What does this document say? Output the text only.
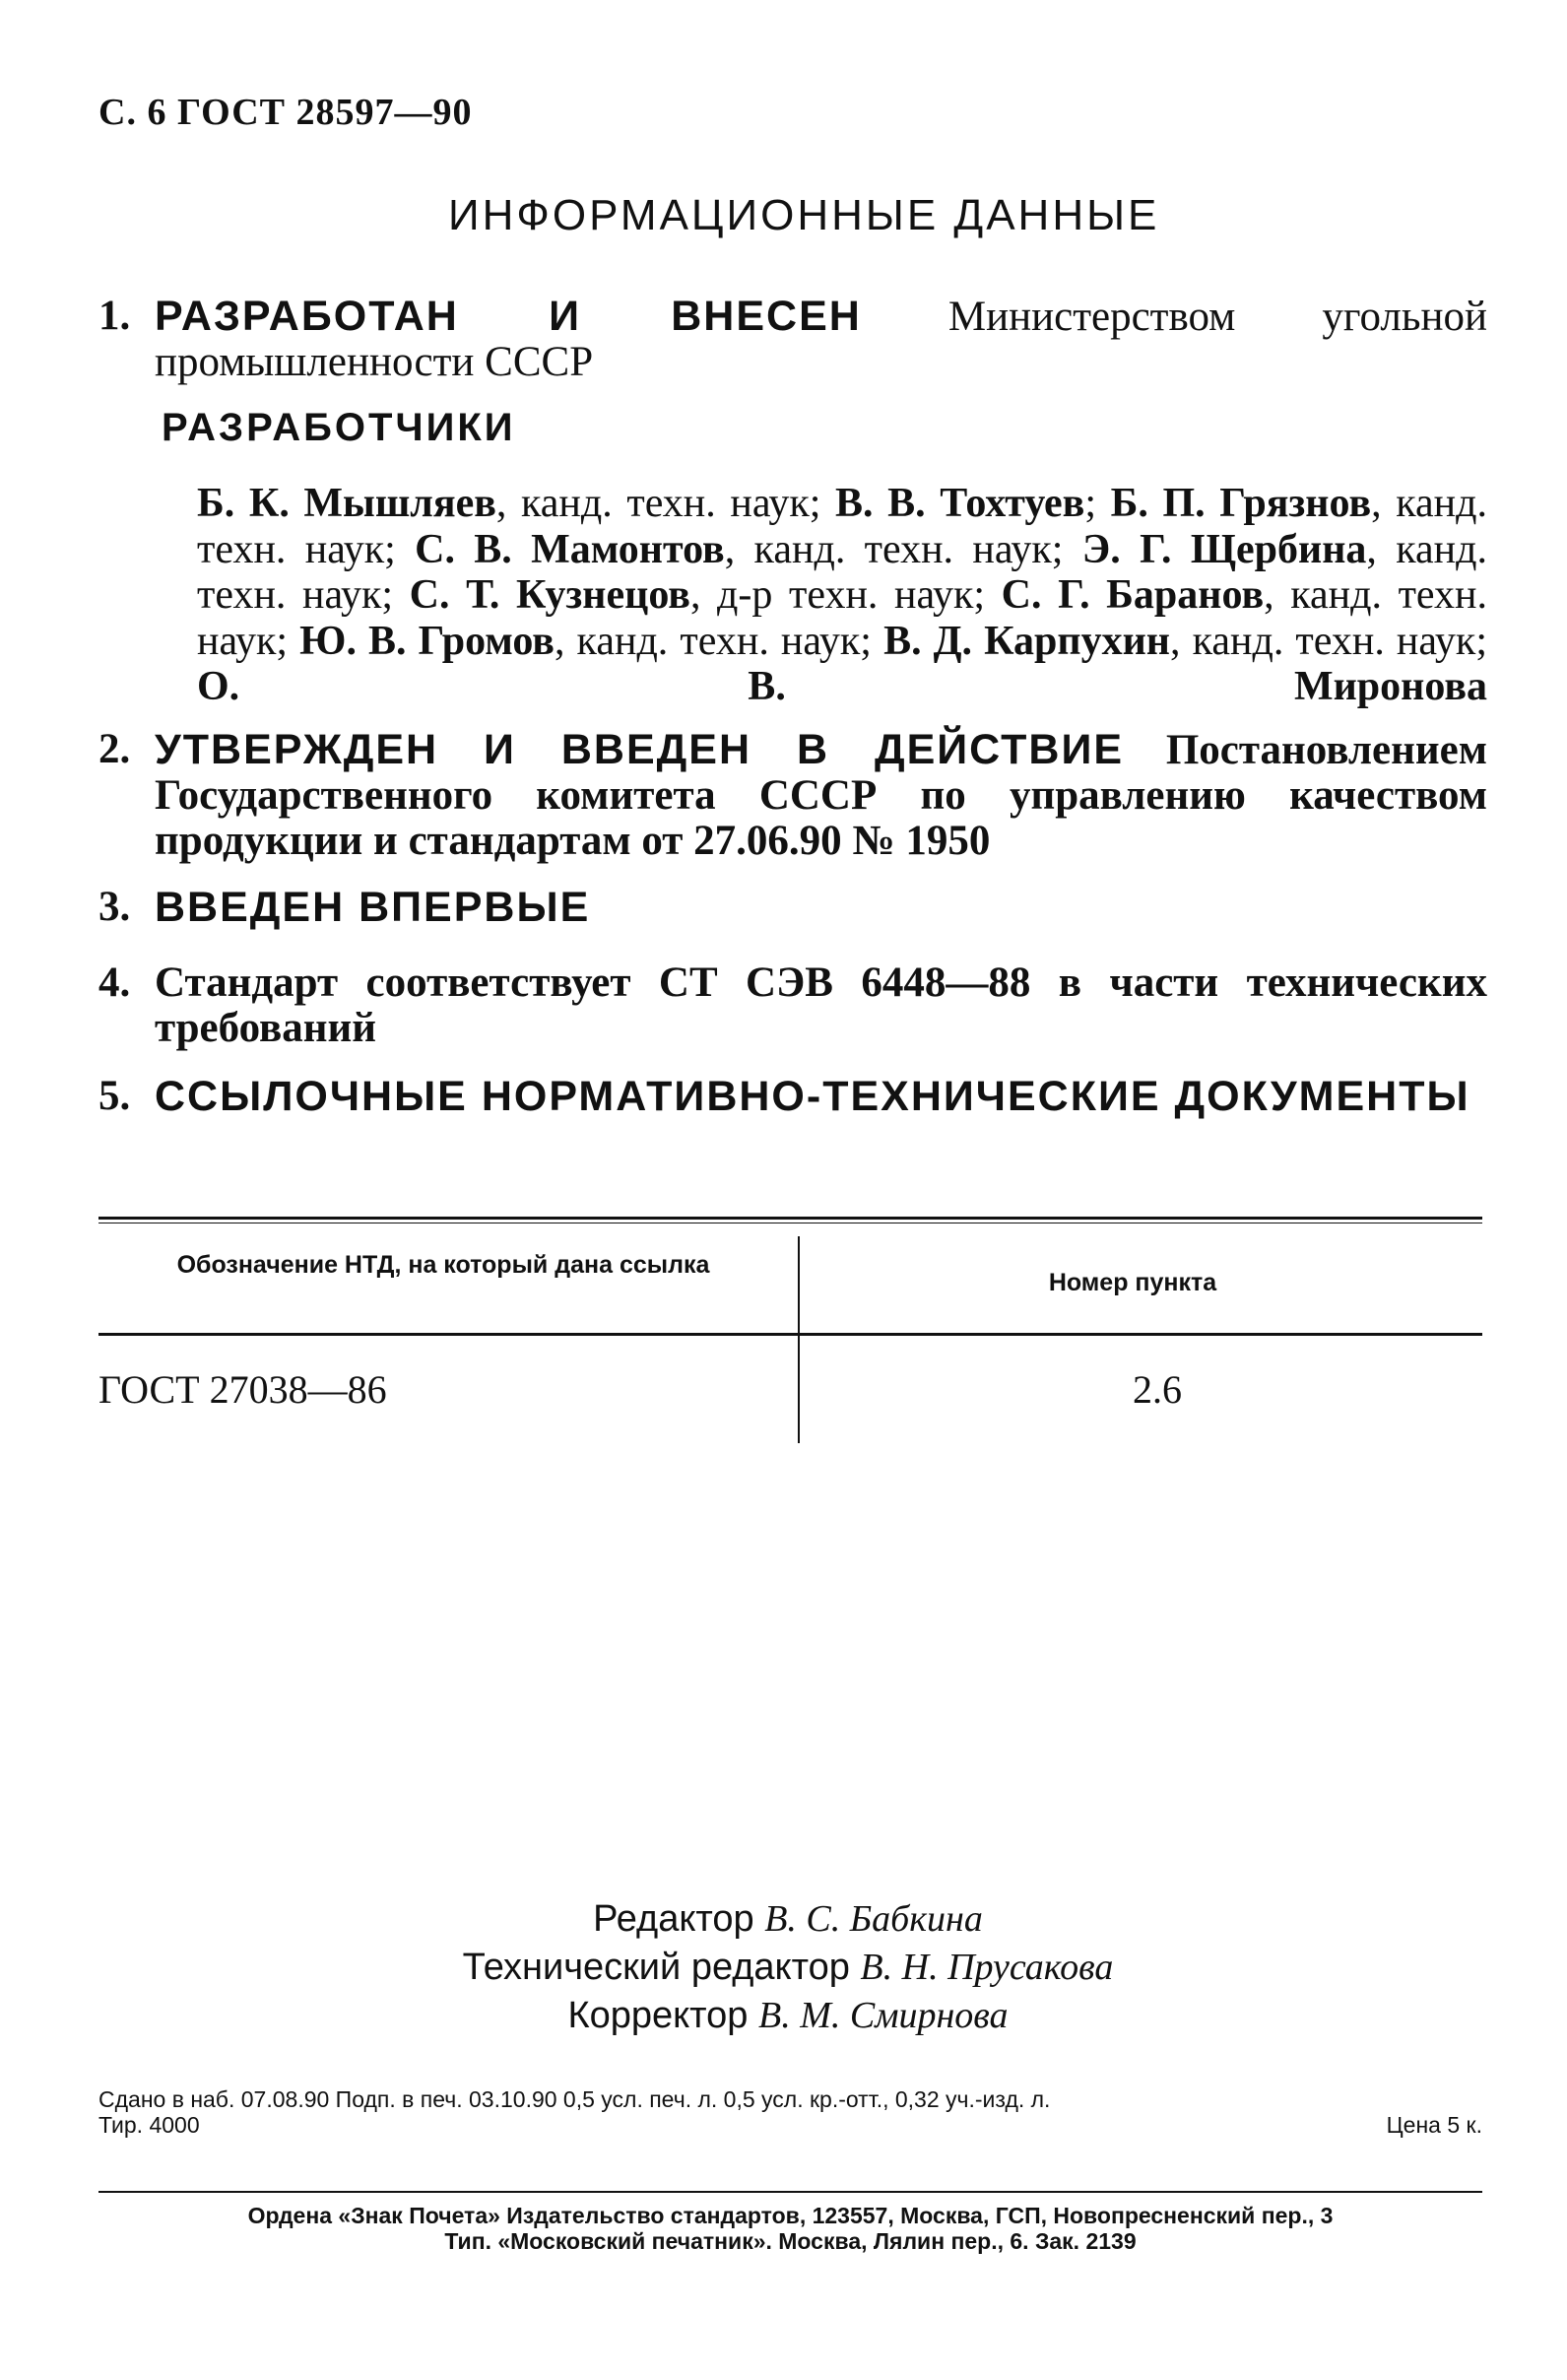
С. 6 ГОСТ 28597—90
ИНФОРМАЦИОННЫЕ ДАННЫЕ
1. РАЗРАБОТАН И ВНЕСЕН Министерством угольной промышленности СССР
РАЗРАБОТЧИКИ
Б. К. Мышляев, канд. техн. наук; В. В. Тохтуев; Б. П. Грязнов, канд. техн. наук; С. В. Мамонтов, канд. техн. наук; Э. Г. Щербина, канд. техн. наук; С. Т. Кузнецов, д-р техн. наук; С. Г. Баранов, канд. техн. наук; Ю. В. Громов, канд. техн. наук; В. Д. Карпухин, канд. техн. наук; О. В. Миронова
2. УТВЕРЖДЕН И ВВЕДЕН В ДЕЙСТВИЕ Постановлением Государственного комитета СССР по управлению качеством продукции и стандартам от 27.06.90 № 1950
3. ВВЕДЕН ВПЕРВЫЕ
4. Стандарт соответствует СТ СЭВ 6448—88 в части технических требований
5. ССЫЛОЧНЫЕ НОРМАТИВНО-ТЕХНИЧЕСКИЕ ДОКУМЕНТЫ
Обозначение НТД, на который дана ссылка
Номер пункта
ГОСТ 27038—86	2.6
Редактор В. С. Бабкина
Технический редактор В. Н. Прусакова
Корректор В. М. Смирнова
Сдано в наб. 07.08.90 Подп. в печ. 03.10.90 0,5 усл. печ. л. 0,5 усл. кр.-отт., 0,32 уч.-изд. л.
Тир. 4000	Цена 5 к.
Ордена «Знак Почета» Издательство стандартов, 123557, Москва, ГСП, Новопресненский пер., 3
Тип. «Московский печатник». Москва, Лялин пер., 6. Зак. 2139
